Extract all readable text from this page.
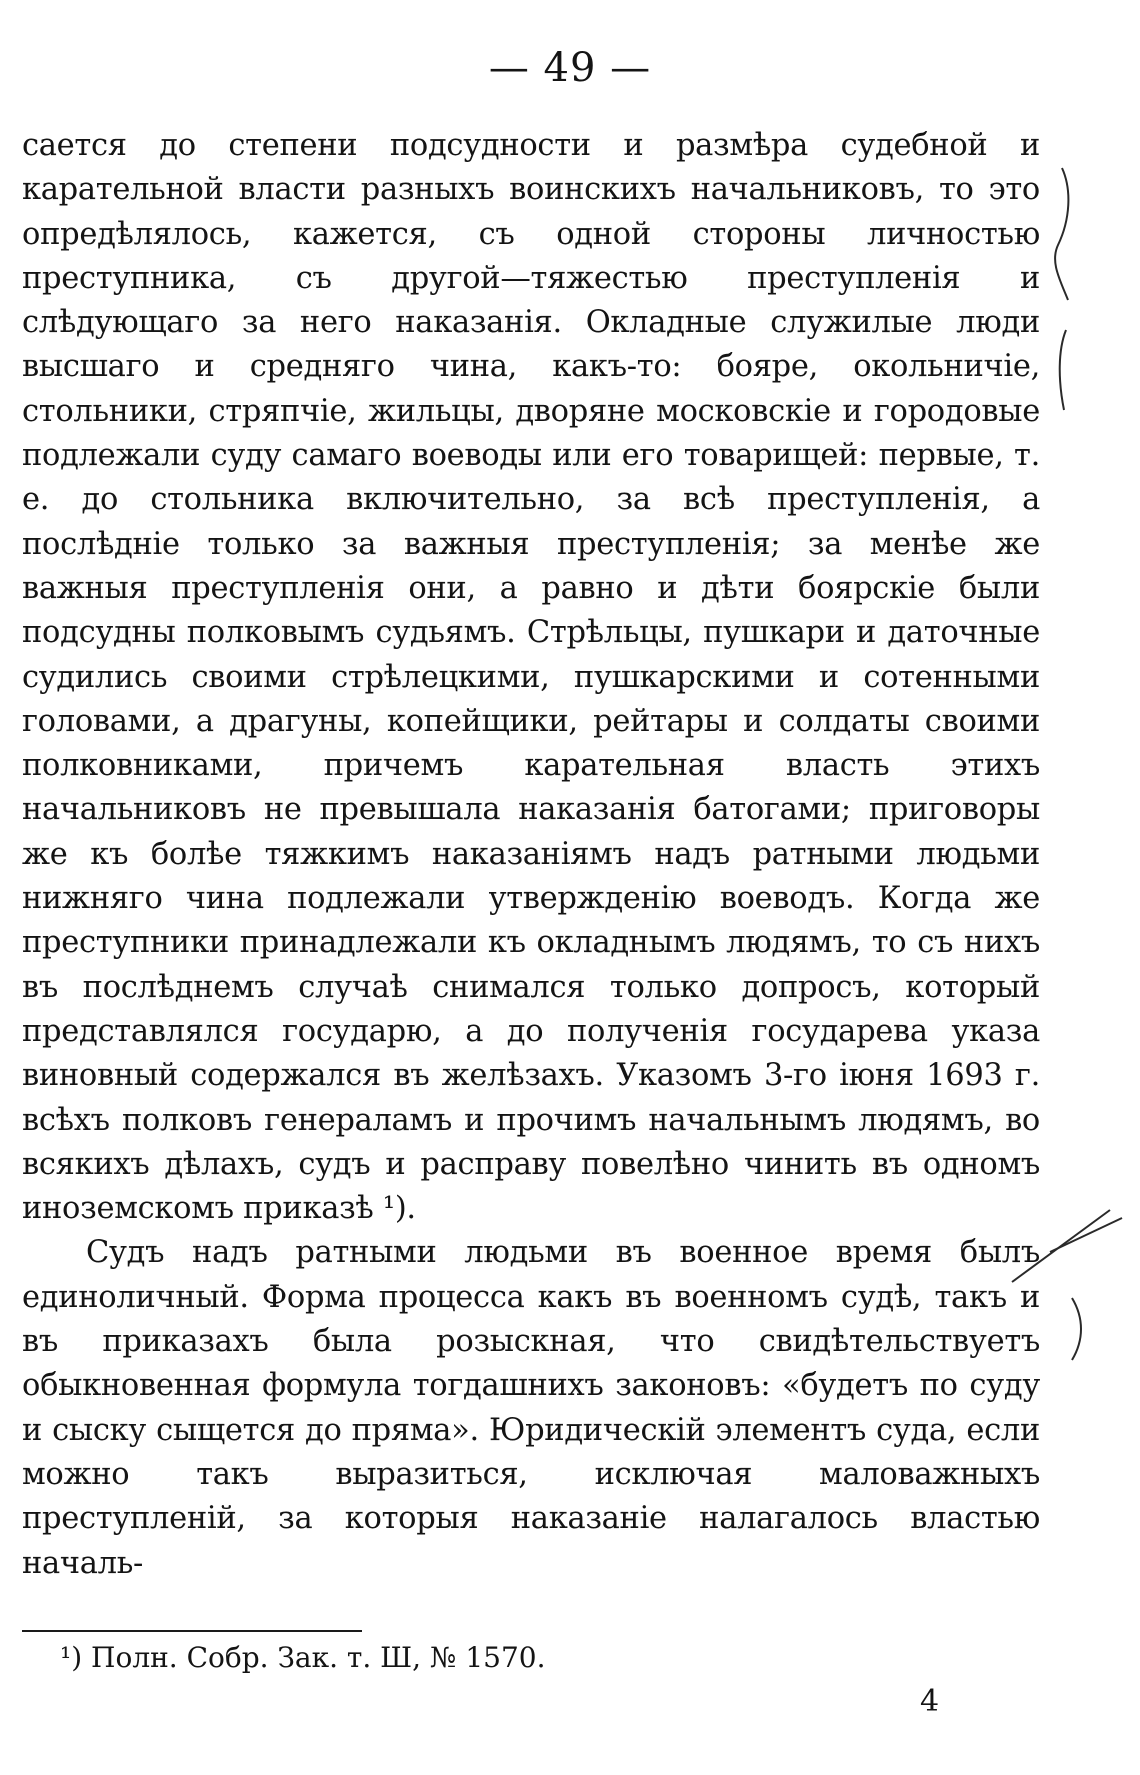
— 49 —

сается до степени подсудности и размѣра судебной и карательной власти разныхъ воинскихъ начальниковъ, то это опредѣлялось, кажется, съ одной стороны личностью преступника, съ другой—тяжестью преступленія и слѣдующаго за него наказанія. Окладные служилые люди высшаго и средняго чина, какъ-то: бояре, окольничіе, стольники, стряпчіе, жильцы, дворяне московскіе и городовые подлежали суду самаго воеводы или его товарищей: первые, т. е. до стольника включительно, за всѣ преступленія, а послѣдніе только за важныя преступленія; за менѣе же важныя преступленія они, а равно и дѣти боярскіе были подсудны полковымъ судьямъ. Стрѣльцы, пушкари и даточные судились своими стрѣлецкими, пушкарскими и сотенными головами, а драгуны, копейщики, рейтары и солдаты своими полковниками, причемъ карательная власть этихъ начальниковъ не превышала наказанія батогами; приговоры же къ болѣе тяжкимъ наказаніямъ надъ ратными людьми нижняго чина подлежали утвержденію воеводъ. Когда же преступники принадлежали къ окладнымъ людямъ, то съ нихъ въ послѣднемъ случаѣ снимался только допросъ, который представлялся государю, а до полученія государева указа виновный содержался въ желѣзахъ. Указомъ 3-го іюня 1693 г. всѣхъ полковъ генераламъ и прочимъ начальнымъ людямъ, во всякихъ дѣлахъ, судъ и расправу повелѣно чинить въ одномъ иноземскомъ приказѣ ¹).

Судъ надъ ратными людьми въ военное время былъ единоличный. Форма процесса какъ въ военномъ судѣ, такъ и въ приказахъ была розыскная, что свидѣтельствуетъ обыкновенная формула тогдашнихъ законовъ: «будетъ по суду и сыску сыщется до пряма». Юридическій элементъ суда, если можно такъ выразиться, исключая маловажныхъ преступленій, за которыя наказаніе налагалось властью началь-

¹) Полн. Собр. Зак. т. Ш, № 1570.
4
